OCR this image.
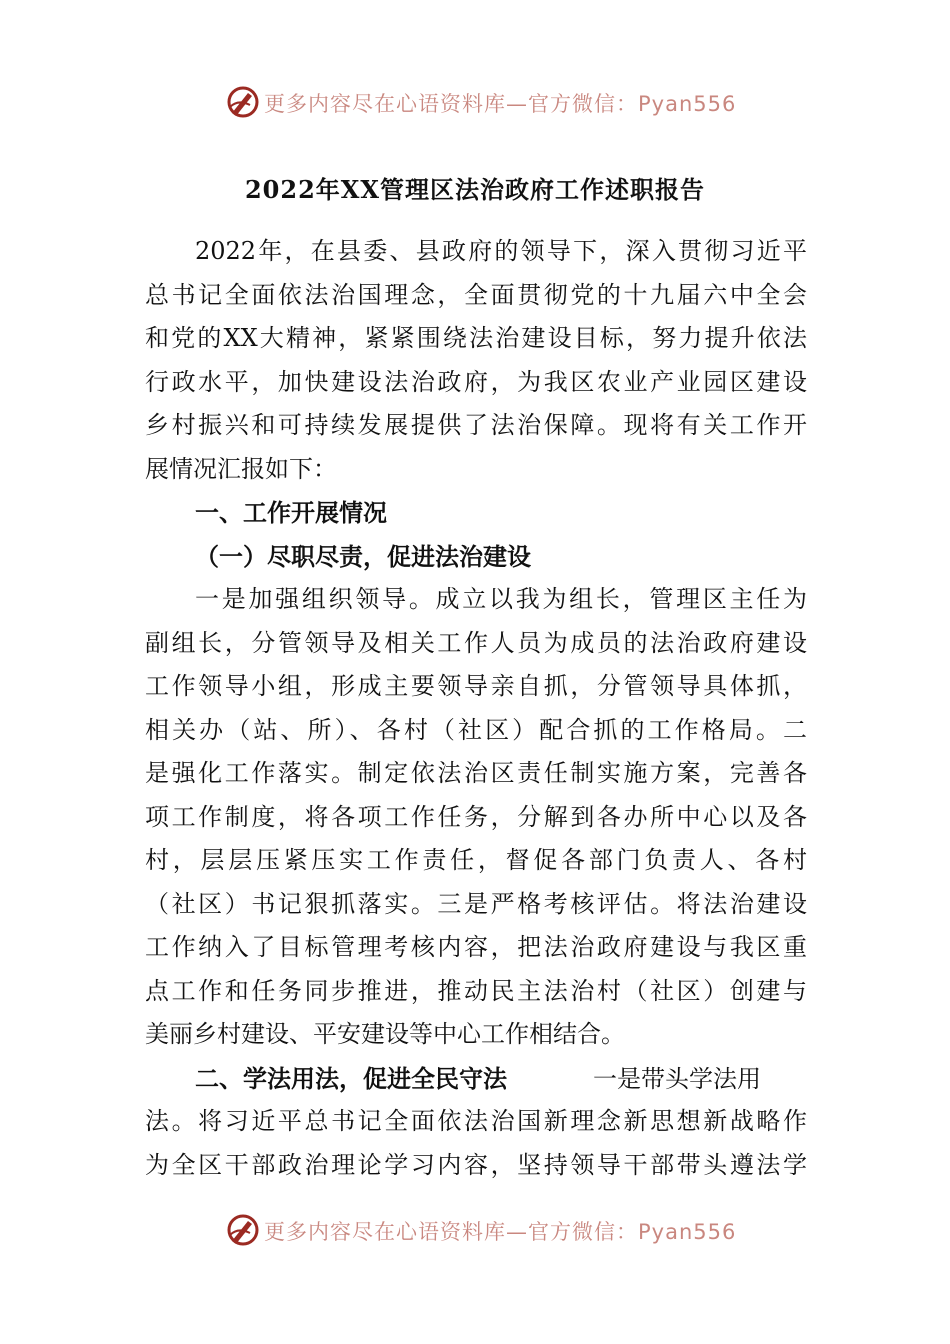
更多内容尽在心语资料库—官方微信：Pyan556
2022年XX管理区法治政府工作述职报告
2022年，在县委、县政府的领导下，深入贯彻习近平
总书记全面依法治国理念，全面贯彻党的十九届六中全会
和党的XX大精神，紧紧围绕法治建设目标，努力提升依法
行政水平，加快建设法治政府，为我区农业产业园区建设
乡村振兴和可持续发展提供了法治保障。现将有关工作开
展情况汇报如下：
一、工作开展情况
（一）尽职尽责，促进法治建设
一是加强组织领导。成立以我为组长，管理区主任为
副组长，分管领导及相关工作人员为成员的法治政府建设
工作领导小组，形成主要领导亲自抓，分管领导具体抓，
相关办（站、所）、各村（社区）配合抓的工作格局。二
是强化工作落实。制定依法治区责任制实施方案，完善各
项工作制度，将各项工作任务，分解到各办所中心以及各
村，层层压紧压实工作责任，督促各部门负责人、各村
（社区）书记狠抓落实。三是严格考核评估。将法治建设
工作纳入了目标管理考核内容，把法治政府建设与我区重
点工作和任务同步推进，推动民主法治村（社区）创建与
美丽乡村建设、平安建设等中心工作相结合。
二、学法用法，促进全民守法	一是带头学法用
法。将习近平总书记全面依法治国新理念新思想新战略作
为全区干部政治理论学习内容，坚持领导干部带头遵法学
更多内容尽在心语资料库—官方微信：Pyan556
